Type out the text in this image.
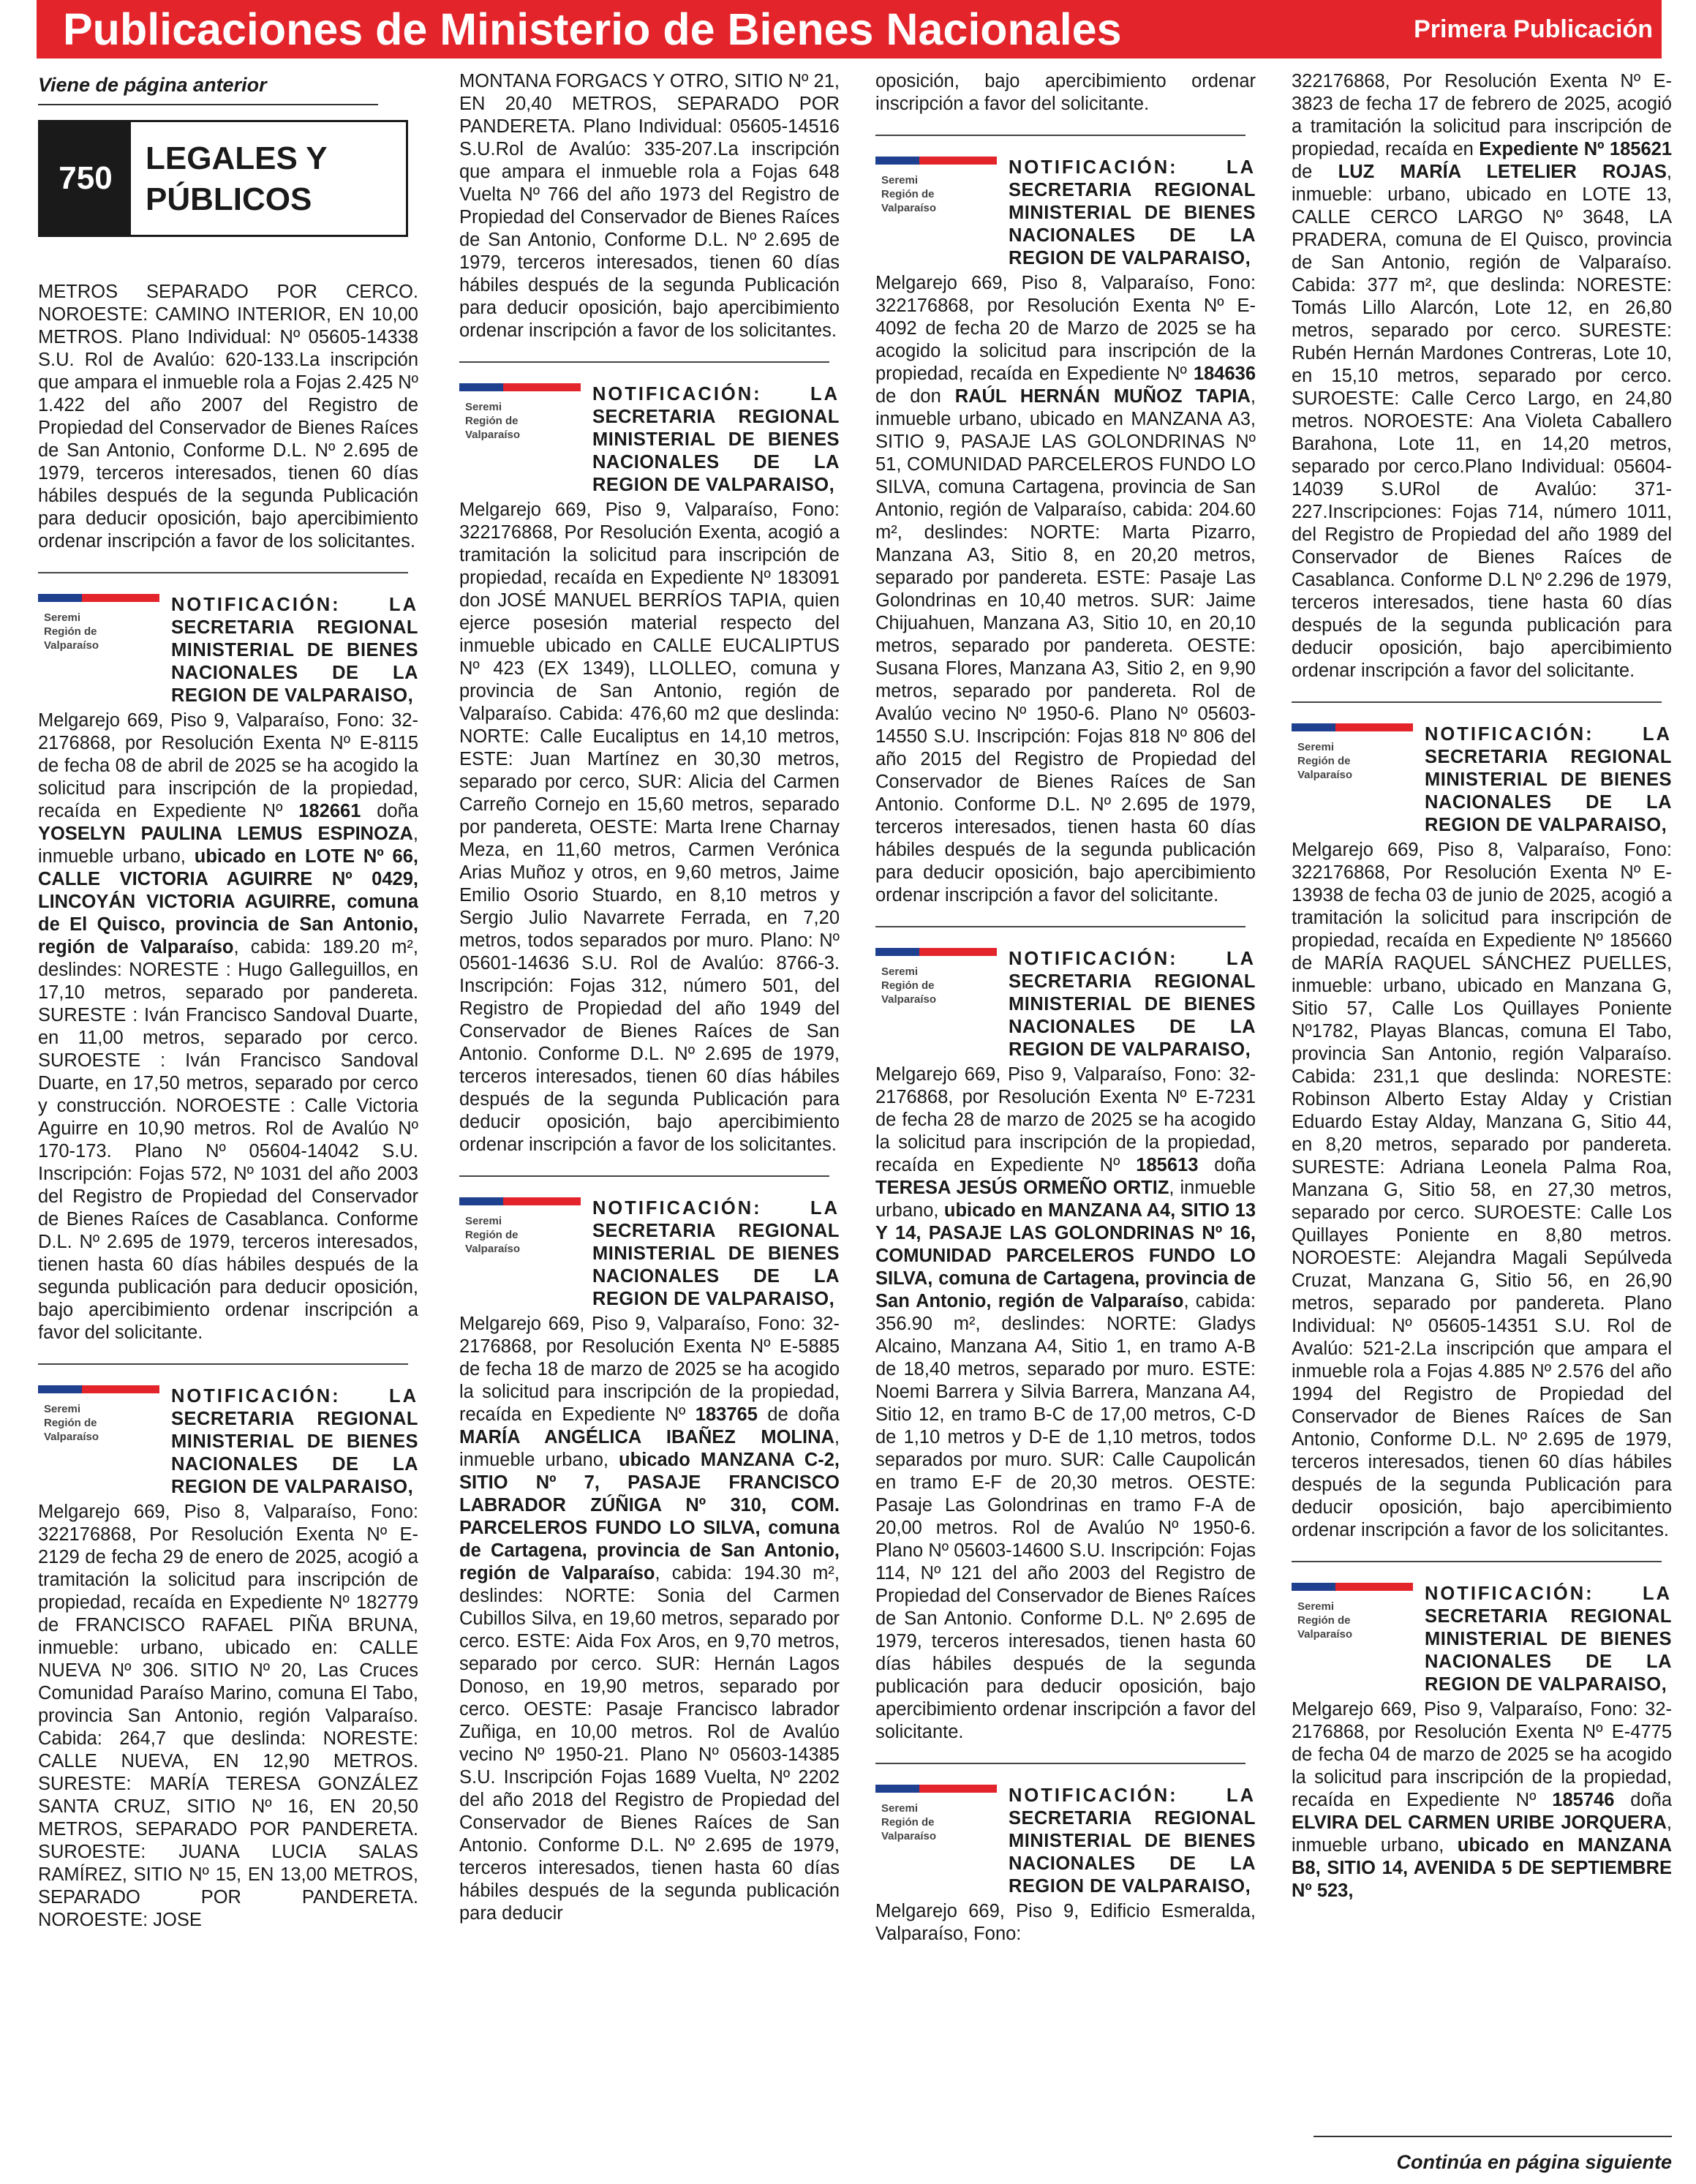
Publicaciones de Ministerio de Bienes Nacionales	Primera Publicación

Viene de página anterior

750
LEGALES Y
PÚBLICOS

METROS SEPARADO POR CERCO. NOROESTE: CAMINO INTERIOR, EN 10,00 METROS. Plano Individual: Nº 05605-14338 S.U. Rol de Avalúo: 620-133.La inscripción que ampara el inmueble rola a Fojas 2.425 Nº 1.422 del año 2007 del Registro de Propiedad del Conservador de Bienes Raíces de San Antonio, Conforme D.L. Nº 2.695 de 1979, terceros interesados, tienen 60 días hábiles después de la segunda Publicación para deducir oposición, bajo apercibimiento ordenar inscripción a favor de los solicitantes.

Seremi
Región de
Valparaíso
NOTIFICACIÓN: LA SECRETARIA REGIONAL MINISTERIAL DE BIENES NACIONALES DE LA REGION DE VALPARAISO,

Melgarejo 669, Piso 9, Valparaíso, Fono: 32-2176868, por Resolución Exenta Nº E-8115 de fecha 08 de abril de 2025 se ha acogido la solicitud para inscripción de la propiedad, recaída en Expediente Nº 182661 doña YOSELYN PAULINA LEMUS ESPINOZA, inmueble urbano, ubicado en LOTE Nº 66, CALLE VICTORIA AGUIRRE Nº 0429, LINCOYÁN VICTORIA AGUIRRE, comuna de El Quisco, provincia de San Antonio, región de Valparaíso, cabida: 189.20 m², deslindes: NORESTE : Hugo Galleguillos, en 17,10 metros, separado por pandereta. SURESTE : Iván Francisco Sandoval Duarte, en 11,00 metros, separado por cerco. SUROESTE : Iván Francisco Sandoval Duarte, en 17,50 metros, separado por cerco y construcción. NOROESTE : Calle Victoria Aguirre en 10,90 metros. Rol de Avalúo Nº 170-173. Plano Nº 05604-14042 S.U. Inscripción: Fojas 572, Nº 1031 del año 2003 del Registro de Propiedad del Conservador de Bienes Raíces de Casablanca. Conforme D.L. Nº 2.695 de 1979, terceros interesados, tienen hasta 60 días hábiles después de la segunda publicación para deducir oposición, bajo apercibimiento ordenar inscripción a favor del solicitante.

Seremi
Región de
Valparaíso
NOTIFICACIÓN: LA SECRETARIA REGIONAL MINISTERIAL DE BIENES NACIONALES DE LA REGION DE VALPARAISO,

Melgarejo 669, Piso 8, Valparaíso, Fono: 322176868, Por Resolución Exenta Nº E-2129 de fecha 29 de enero de 2025, acogió a tramitación la solicitud para inscripción de propiedad, recaída en Expediente Nº 182779 de FRANCISCO RAFAEL PIÑA BRUNA, inmueble: urbano, ubicado en: CALLE NUEVA Nº 306. SITIO Nº 20, Las Cruces Comunidad Paraíso Marino, comuna El Tabo, provincia San Antonio, región Valparaíso. Cabida: 264,7 que deslinda: NORESTE: CALLE NUEVA, EN 12,90 METROS. SURESTE: MARÍA TERESA GONZÁLEZ SANTA CRUZ, SITIO Nº 16, EN 20,50 METROS, SEPARADO POR PANDERETA. SUROESTE: JUANA LUCIA SALAS RAMÍREZ, SITIO Nº 15, EN 13,00 METROS, SEPARADO POR PANDERETA. NOROESTE: JOSE

MONTANA FORGACS Y OTRO, SITIO Nº 21, EN 20,40 METROS, SEPARADO POR PANDERETA. Plano Individual: 05605-14516 S.U.Rol de Avalúo: 335-207.La inscripción que ampara el inmueble rola a Fojas 648 Vuelta Nº 766 del año 1973 del Registro de Propiedad del Conservador de Bienes Raíces de San Antonio, Conforme D.L. Nº 2.695 de 1979, terceros interesados, tienen 60 días hábiles después de la segunda Publicación para deducir oposición, bajo apercibimiento ordenar inscripción a favor de los solicitantes.

Seremi
Región de
Valparaíso
NOTIFICACIÓN: LA SECRETARIA REGIONAL MINISTERIAL DE BIENES NACIONALES DE LA REGION DE VALPARAISO,

Melgarejo 669, Piso 9, Valparaíso, Fono: 322176868, Por Resolución Exenta, acogió a tramitación la solicitud para inscripción de propiedad, recaída en Expediente Nº 183091 don JOSÉ MANUEL BERRÍOS TAPIA, quien ejerce posesión material respecto del inmueble ubicado en CALLE EUCALIPTUS Nº 423 (EX 1349), LLOLLEO, comuna y provincia de San Antonio, región de Valparaíso. Cabida: 476,60 m2 que deslinda: NORTE: Calle Eucaliptus en 14,10 metros, ESTE: Juan Martínez en 30,30 metros, separado por cerco, SUR: Alicia del Carmen Carreño Cornejo en 15,60 metros, separado por pandereta, OESTE: Marta Irene Charnay Meza, en 11,60 metros, Carmen Verónica Arias Muñoz y otros, en 9,60 metros, Jaime Emilio Osorio Stuardo, en 8,10 metros y Sergio Julio Navarrete Ferrada, en 7,20 metros, todos separados por muro. Plano: Nº 05601-14636 S.U. Rol de Avalúo: 8766-3. Inscripción: Fojas 312, número 501, del Registro de Propiedad del año 1949 del Conservador de Bienes Raíces de San Antonio. Conforme D.L. Nº 2.695 de 1979, terceros interesados, tienen 60 días hábiles después de la segunda Publicación para deducir oposición, bajo apercibimiento ordenar inscripción a favor de los solicitantes.

Seremi
Región de
Valparaíso
NOTIFICACIÓN: LA SECRETARIA REGIONAL MINISTERIAL DE BIENES NACIONALES DE LA REGION DE VALPARAISO,

Melgarejo 669, Piso 9, Valparaíso, Fono: 32-2176868, por Resolución Exenta Nº E-5885 de fecha 18 de marzo de 2025 se ha acogido la solicitud para inscripción de la propiedad, recaída en Expediente Nº 183765 de doña MARÍA ANGÉLICA IBAÑEZ MOLINA, inmueble urbano, ubicado MANZANA C-2, SITIO Nº 7, PASAJE FRANCISCO LABRADOR ZÚÑIGA Nº 310, COM. PARCELEROS FUNDO LO SILVA, comuna de Cartagena, provincia de San Antonio, región de Valparaíso, cabida: 194.30 m², deslindes: NORTE: Sonia del Carmen Cubillos Silva, en 19,60 metros, separado por cerco. ESTE: Aida Fox Aros, en 9,70 metros, separado por cerco. SUR: Hernán Lagos Donoso, en 19,90 metros, separado por cerco. OESTE: Pasaje Francisco labrador Zuñiga, en 10,00 metros. Rol de Avalúo vecino Nº 1950-21. Plano Nº 05603-14385 S.U. Inscripción Fojas 1689 Vuelta, Nº 2202 del año 2018 del Registro de Propiedad del Conservador de Bienes Raíces de San Antonio. Conforme D.L. Nº 2.695 de 1979, terceros interesados, tienen hasta 60 días hábiles después de la segunda publicación para deducir

oposición, bajo apercibimiento ordenar inscripción a favor del solicitante.

Seremi
Región de
Valparaíso
NOTIFICACIÓN: LA SECRETARIA REGIONAL MINISTERIAL DE BIENES NACIONALES DE LA REGION DE VALPARAISO,

Melgarejo 669, Piso 8, Valparaíso, Fono: 322176868, por Resolución Exenta Nº E-4092 de fecha 20 de Marzo de 2025 se ha acogido la solicitud para inscripción de la propiedad, recaída en Expediente Nº 184636 de don RAÚL HERNÁN MUÑOZ TAPIA, inmueble urbano, ubicado en MANZANA A3, SITIO 9, PASAJE LAS GOLONDRINAS Nº 51, COMUNIDAD PARCELEROS FUNDO LO SILVA, comuna Cartagena, provincia de San Antonio, región de Valparaíso, cabida: 204.60 m², deslindes: NORTE: Marta Pizarro, Manzana A3, Sitio 8, en 20,20 metros, separado por pandereta. ESTE: Pasaje Las Golondrinas en 10,40 metros. SUR: Jaime Chijuahuen, Manzana A3, Sitio 10, en 20,10 metros, separado por pandereta. OESTE: Susana Flores, Manzana A3, Sitio 2, en 9,90 metros, separado por pandereta. Rol de Avalúo vecino Nº 1950-6. Plano Nº 05603-14550 S.U. Inscripción: Fojas 818 Nº 806 del año 2015 del Registro de Propiedad del Conservador de Bienes Raíces de San Antonio. Conforme D.L. Nº 2.695 de 1979, terceros interesados, tienen hasta 60 días hábiles después de la segunda publicación para deducir oposición, bajo apercibimiento ordenar inscripción a favor del solicitante.

Seremi
Región de
Valparaíso
NOTIFICACIÓN: LA SECRETARIA REGIONAL MINISTERIAL DE BIENES NACIONALES DE LA REGION DE VALPARAISO,

Melgarejo 669, Piso 9, Valparaíso, Fono: 32-2176868, por Resolución Exenta Nº E-7231 de fecha 28 de marzo de 2025 se ha acogido la solicitud para inscripción de la propiedad, recaída en Expediente Nº 185613 doña TERESA JESÚS ORMEÑO ORTIZ, inmueble urbano, ubicado en MANZANA A4, SITIO 13 Y 14, PASAJE LAS GOLONDRINAS Nº 16, COMUNIDAD PARCELEROS FUNDO LO SILVA, comuna de Cartagena, provincia de San Antonio, región de Valparaíso, cabida: 356.90 m², deslindes: NORTE: Gladys Alcaino, Manzana A4, Sitio 1, en tramo A-B de 18,40 metros, separado por muro. ESTE: Noemi Barrera y Silvia Barrera, Manzana A4, Sitio 12, en tramo B-C de 17,00 metros, C-D de 1,10 metros y D-E de 1,10 metros, todos separados por muro. SUR: Calle Caupolicán en tramo E-F de 20,30 metros. OESTE: Pasaje Las Golondrinas en tramo F-A de 20,00 metros. Rol de Avalúo Nº 1950-6. Plano Nº 05603-14600 S.U. Inscripción: Fojas 114, Nº 121 del año 2003 del Registro de Propiedad del Conservador de Bienes Raíces de San Antonio. Conforme D.L. Nº 2.695 de 1979, terceros interesados, tienen hasta 60 días hábiles después de la segunda publicación para deducir oposición, bajo apercibimiento ordenar inscripción a favor del solicitante.

Seremi
Región de
Valparaíso
NOTIFICACIÓN: LA SECRETARIA REGIONAL MINISTERIAL DE BIENES NACIONALES DE LA REGION DE VALPARAISO,

Melgarejo 669, Piso 9, Edificio Esmeralda, Valparaíso, Fono:

322176868, Por Resolución Exenta Nº E-3823 de fecha 17 de febrero de 2025, acogió a tramitación la solicitud para inscripción de propiedad, recaída en Expediente Nº 185621 de LUZ MARÍA LETELIER ROJAS, inmueble: urbano, ubicado en LOTE 13, CALLE CERCO LARGO Nº 3648, LA PRADERA, comuna de El Quisco, provincia de San Antonio, región de Valparaíso. Cabida: 377 m², que deslinda: NORESTE: Tomás Lillo Alarcón, Lote 12, en 26,80 metros, separado por cerco. SURESTE: Rubén Hernán Mardones Contreras, Lote 10, en 15,10 metros, separado por cerco. SUROESTE: Calle Cerco Largo, en 24,80 metros. NOROESTE: Ana Violeta Caballero Barahona, Lote 11, en 14,20 metros, separado por cerco.Plano Individual: 05604-14039 S.URol de Avalúo: 371-227.Inscripciones: Fojas 714, número 1011, del Registro de Propiedad del año 1989 del Conservador de Bienes Raíces de Casablanca. Conforme D.L Nº 2.296 de 1979, terceros interesados, tiene hasta 60 días después de la segunda publicación para deducir oposición, bajo apercibimiento ordenar inscripción a favor del solicitante.

Seremi
Región de
Valparaíso
NOTIFICACIÓN: LA SECRETARIA REGIONAL MINISTERIAL DE BIENES NACIONALES DE LA REGION DE VALPARAISO,

Melgarejo 669, Piso 8, Valparaíso, Fono: 322176868, Por Resolución Exenta Nº E-13938 de fecha 03 de junio de 2025, acogió a tramitación la solicitud para inscripción de propiedad, recaída en Expediente Nº 185660 de MARÍA RAQUEL SÁNCHEZ PUELLES, inmueble: urbano, ubicado en Manzana G, Sitio 57, Calle Los Quillayes Poniente Nº1782, Playas Blancas, comuna El Tabo, provincia San Antonio, región Valparaíso. Cabida: 231,1 que deslinda: NORESTE: Robinson Alberto Estay Alday y Cristian Eduardo Estay Alday, Manzana G, Sitio 44, en 8,20 metros, separado por pandereta. SURESTE: Adriana Leonela Palma Roa, Manzana G, Sitio 58, en 27,30 metros, separado por cerco. SUROESTE: Calle Los Quillayes Poniente en 8,80 metros. NOROESTE: Alejandra Magali Sepúlveda Cruzat, Manzana G, Sitio 56, en 26,90 metros, separado por pandereta. Plano Individual: Nº 05605-14351 S.U. Rol de Avalúo: 521-2.La inscripción que ampara el inmueble rola a Fojas 4.885 Nº 2.576 del año 1994 del Registro de Propiedad del Conservador de Bienes Raíces de San Antonio, Conforme D.L. Nº 2.695 de 1979, terceros interesados, tienen 60 días hábiles después de la segunda Publicación para deducir oposición, bajo apercibimiento ordenar inscripción a favor de los solicitantes.

Seremi
Región de
Valparaíso
NOTIFICACIÓN: LA SECRETARIA REGIONAL MINISTERIAL DE BIENES NACIONALES DE LA REGION DE VALPARAISO,

Melgarejo 669, Piso 9, Valparaíso, Fono: 32-2176868, por Resolución Exenta Nº E-4775 de fecha 04 de marzo de 2025 se ha acogido la solicitud para inscripción de la propiedad, recaída en Expediente Nº 185746 doña ELVIRA DEL CARMEN URIBE JORQUERA, inmueble urbano, ubicado en MANZANA B8, SITIO 14, AVENIDA 5 DE SEPTIEMBRE Nº 523,

Continúa en página siguiente
